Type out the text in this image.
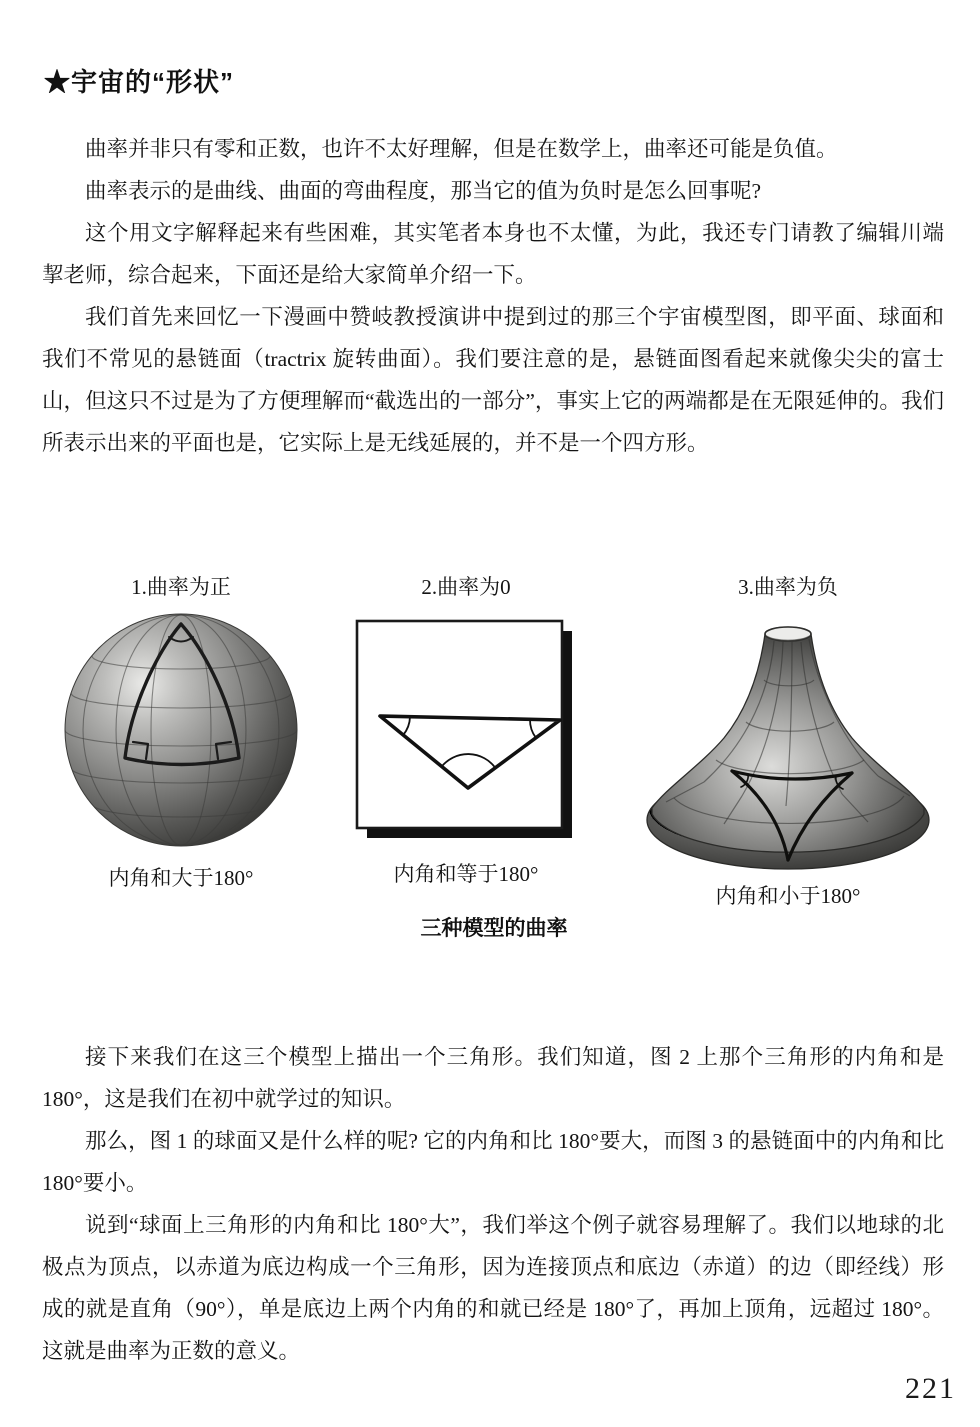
★宇宙的“形状”

曲率并非只有零和正数，也许不太好理解，但是在数学上，曲率还可能是负值。

曲率表示的是曲线、曲面的弯曲程度，那当它的值为负时是怎么回事呢?

这个用文字解释起来有些困难，其实笔者本身也不太懂，为此，我还专门请教了编辑川端挈老师，综合起来，下面还是给大家简单介绍一下。

我们首先来回忆一下漫画中赞岐教授演讲中提到过的那三个宇宙模型图，即平面、球面和我们不常见的悬链面（tractrix 旋转曲面）。我们要注意的是，悬链面图看起来就像尖尖的富士山，但这只不过是为了方便理解而“截选出的一部分”，事实上它的两端都是在无限延伸的。我们所表示出来的平面也是，它实际上是无线延展的，并不是一个四方形。

1.曲率为正
内角和大于180°
2.曲率为0
内角和等于180°
3.曲率为负
内角和小于180°
三种模型的曲率

接下来我们在这三个模型上描出一个三角形。我们知道，图 2 上那个三角形的内角和是 180°，这是我们在初中就学过的知识。

那么，图 1 的球面又是什么样的呢? 它的内角和比 180°要大，而图 3 的悬链面中的内角和比 180°要小。

说到“球面上三角形的内角和比 180°大”，我们举这个例子就容易理解了。我们以地球的北极点为顶点，以赤道为底边构成一个三角形，因为连接顶点和底边（赤道）的边（即经线）形成的就是直角（90°），单是底边上两个内角的和就已经是 180°了，再加上顶角，远超过 180°。这就是曲率为正数的意义。

221
